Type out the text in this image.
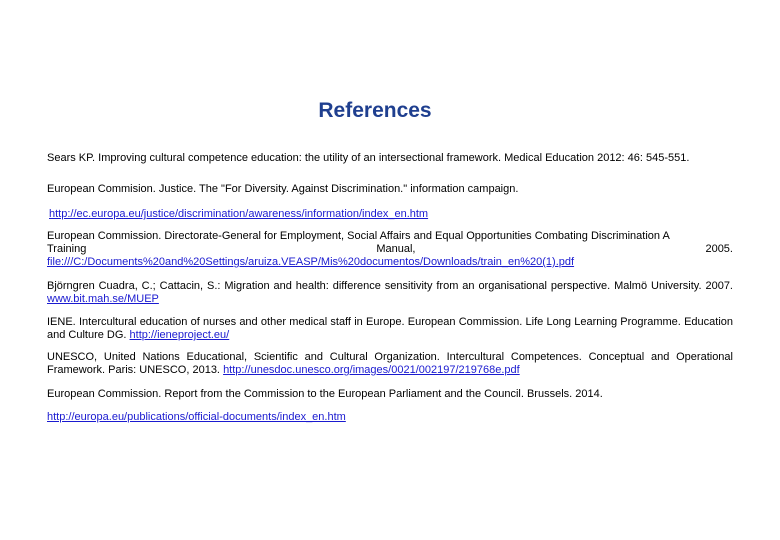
References
Sears KP. Improving cultural competence education: the utility of an intersectional framework. Medical Education 2012: 46: 545-551.
European Commision. Justice. The "For Diversity. Against Discrimination." information campaign.
http://ec.europa.eu/justice/discrimination/awareness/information/index_en.htm
European Commission. Directorate-General for Employment, Social Affairs and Equal Opportunities Combating Discrimination A
Training	Manual,	2005.
file:///C:/Documents%20and%20Settings/aruiza.VEASP/Mis%20documentos/Downloads/train_en%20(1).pdf
Björngren Cuadra, C.; Cattacin, S.: Migration and health: difference sensitivity from an organisational perspective. Malmö University. 2007. www.bit.mah.se/MUEP
IENE. Intercultural education of nurses and other medical staff in Europe. European Commission. Life Long Learning Programme. Education and Culture DG. http://ieneproject.eu/
UNESCO, United Nations Educational, Scientific and Cultural Organization. Intercultural Competences. Conceptual and Operational Framework. Paris: UNESCO, 2013. http://unesdoc.unesco.org/images/0021/002197/219768e.pdf
European Commission. Report from the Commission to the European Parliament and the Council. Brussels. 2014.
http://europa.eu/publications/official-documents/index_en.htm
